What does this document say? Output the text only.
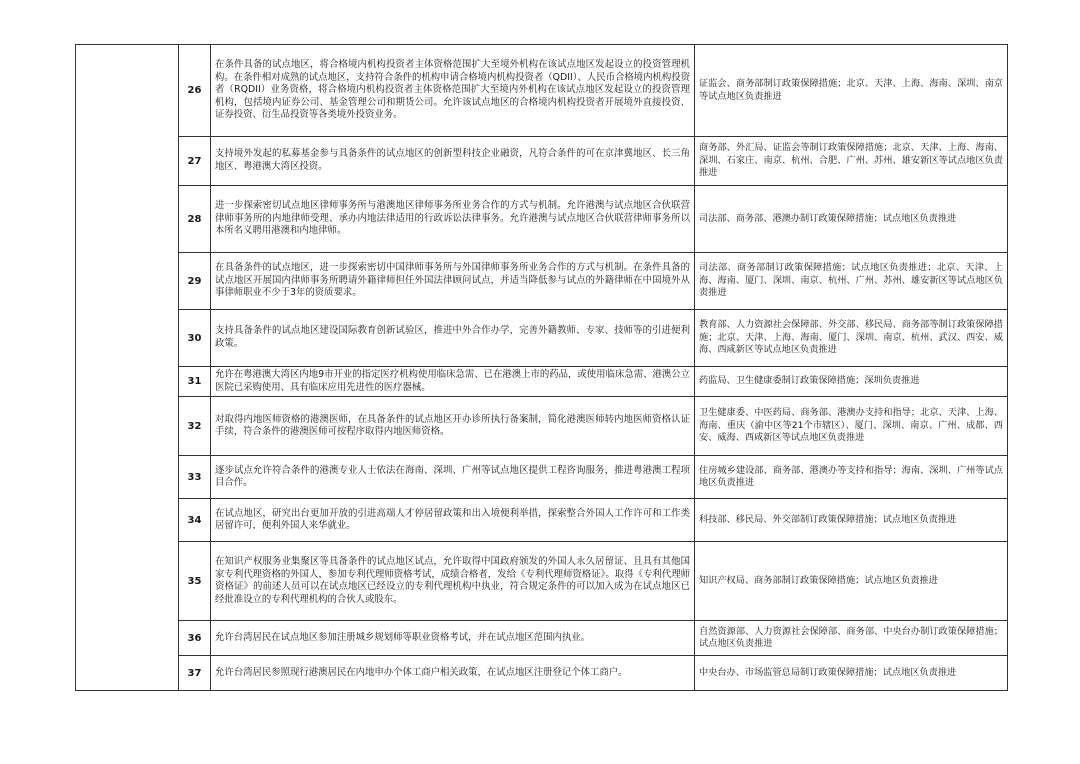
	26	在条件具备的试点地区，将合格境内机构投资者主体资格范围扩大至境外机构在该试点地区发起设立的投资管理机构。在条件相对成熟的试点地区，支持符合条件的机构申请合格境内机构投资者（QDII）、人民币合格境内机构投资者（RQDII）业务资格，将合格境内机构投资者主体资格范围扩大至境内外机构在该试点地区发起设立的投资管理机构，包括境内证券公司、基金管理公司和期货公司。允许该试点地区的合格境内机构投资者开展境外直接投资、证券投资、衍生品投资等各类境外投资业务。	证监会、商务部制订政策保障措施；北京、天津、上海、海南、深圳、南京等试点地区负责推进
	27	支持境外发起的私募基金参与具备条件的试点地区的创新型科技企业融资，凡符合条件的可在京津冀地区、长三角地区、粤港澳大湾区投资。	商务部、外汇局、证监会等制订政策保障措施；北京、天津、上海、海南、深圳、石家庄、南京、杭州、合肥、广州、苏州、雄安新区等试点地区负责推进
	28	进一步探索密切试点地区律师事务所与港澳地区律师事务所业务合作的方式与机制。允许港澳与试点地区合伙联营律师事务所的内地律师受理、承办内地法律适用的行政诉讼法律事务。允许港澳与试点地区合伙联营律师事务所以本所名义聘用港澳和内地律师。	司法部、商务部、港澳办制订政策保障措施；试点地区负责推进
	29	在具备条件的试点地区，进一步探索密切中国律师事务所与外国律师事务所业务合作的方式与机制。在条件具备的试点地区开展国内律师事务所聘请外籍律师担任外国法律顾问试点，并适当降低参与试点的外籍律师在中国境外从事律师职业不少于3年的资质要求。	司法部、商务部制订政策保障措施；试点地区负责推进；北京、天津、上海、海南、厦门、深圳、南京、杭州、广州、苏州、雄安新区等试点地区负责推进
	30	支持具备条件的试点地区建设国际教育创新试验区，推进中外合作办学，完善外籍教师、专家、技师等的引进便利政策。	教育部、人力资源社会保障部、外交部、移民局、商务部等制订政策保障措施；北京、天津、上海、海南、厦门、深圳、南京、杭州、武汉、西安、威海、西咸新区等试点地区负责推进
	31	允许在粤港澳大湾区内地9市开业的指定医疗机构使用临床急需、已在港澳上市的药品，或使用临床急需、港澳公立医院已采购使用、具有临床应用先进性的医疗器械。	药监局、卫生健康委制订政策保障措施；深圳负责推进
	32	对取得内地医师资格的港澳医师，在具备条件的试点地区开办诊所执行备案制，简化港澳医师转内地医师资格认证手续，符合条件的港澳医师可按程序取得内地医师资格。	卫生健康委、中医药局、商务部、港澳办支持和指导；北京、天津、上海、海南、重庆（渝中区等21个市辖区）、厦门、深圳、南京、广州、成都、西安、威海、西咸新区等试点地区负责推进
	33	逐步试点允许符合条件的港澳专业人士依法在海南、深圳、广州等试点地区提供工程咨询服务，推进粤港澳工程项目合作。	住房城乡建设部、商务部、港澳办等支持和指导；海南、深圳、广州等试点地区负责推进
	34	在试点地区，研究出台更加开放的引进高端人才停居留政策和出入境便利举措，探索整合外国人工作许可和工作类居留许可，便利外国人来华就业。	科技部、移民局、外交部制订政策保障措施；试点地区负责推进
	35	在知识产权服务业集聚区等具备条件的试点地区试点，允许取得中国政府颁发的外国人永久居留证、且具有其他国家专利代理资格的外国人，参加专利代理师资格考试，成绩合格者，发给《专利代理师资格证》。取得《专利代理师资格证》的前述人员可以在试点地区已经设立的专利代理机构中执业，符合规定条件的可以加入成为在试点地区已经批准设立的专利代理机构的合伙人或股东。	知识产权局、商务部制订政策保障措施；试点地区负责推进
	36	允许台湾居民在试点地区参加注册城乡规划师等职业资格考试，并在试点地区范围内执业。	自然资源部、人力资源社会保障部、商务部、中央台办制订政策保障措施；试点地区负责推进
	37	允许台湾居民参照现行港澳居民在内地申办个体工商户相关政策，在试点地区注册登记个体工商户。	中央台办、市场监管总局制订政策保障措施；试点地区负责推进
